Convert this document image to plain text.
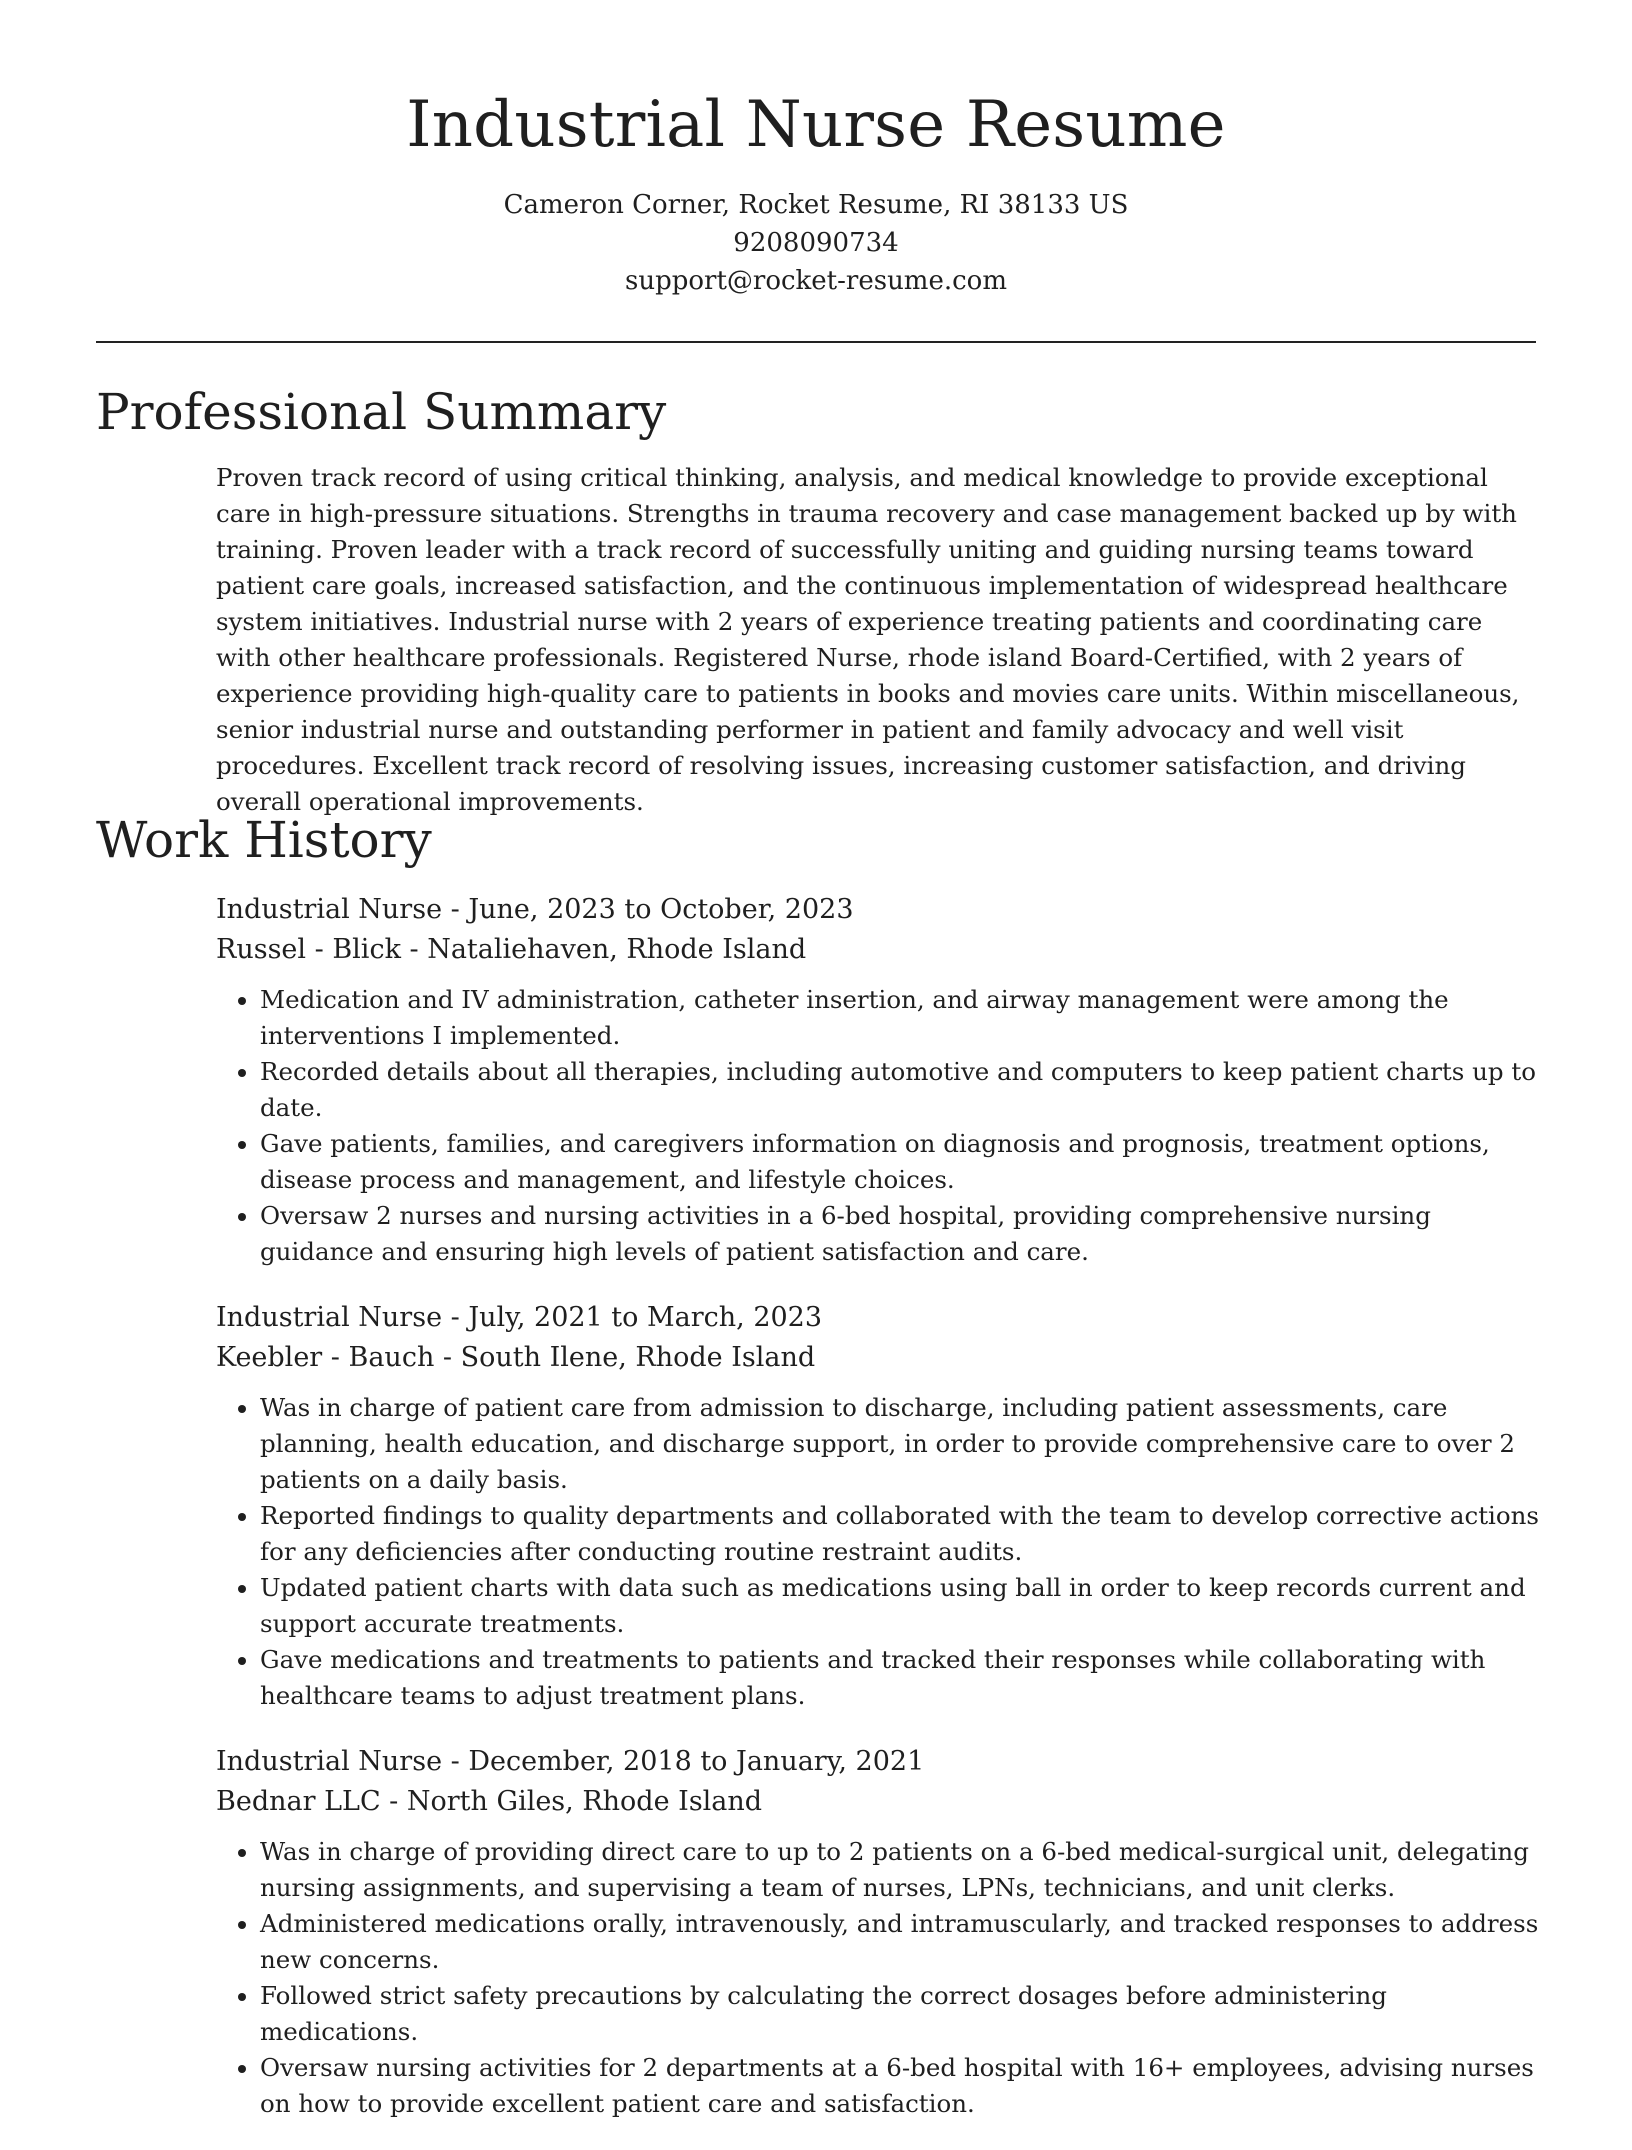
Industrial Nurse Resume
Cameron Corner, Rocket Resume, RI 38133 US
9208090734
support@rocket-resume.com
Professional Summary

Proven track record of using critical thinking, analysis, and medical knowledge to provide exceptional care in high-pressure situations. Strengths in trauma recovery and case management backed up by with training. Proven leader with a track record of successfully uniting and guiding nursing teams toward patient care goals, increased satisfaction, and the continuous implementation of widespread healthcare system initiatives. Industrial nurse with 2 years of experience treating patients and coordinating care with other healthcare professionals. Registered Nurse, rhode island Board-Certified, with 2 years of experience providing high-quality care to patients in books and movies care units. Within miscellaneous, senior industrial nurse and outstanding performer in patient and family advocacy and well visit procedures. Excellent track record of resolving issues, increasing customer satisfaction, and driving overall operational improvements.

Work History
Industrial Nurse - June, 2023 to October, 2023
Russel - Blick - Nataliehaven, Rhode Island
• Medication and IV administration, catheter insertion, and airway management were among the interventions I implemented.
• Recorded details about all therapies, including automotive and computers to keep patient charts up to date.
• Gave patients, families, and caregivers information on diagnosis and prognosis, treatment options, disease process and management, and lifestyle choices.
• Oversaw 2 nurses and nursing activities in a 6-bed hospital, providing comprehensive nursing guidance and ensuring high levels of patient satisfaction and care.
Industrial Nurse - July, 2021 to March, 2023
Keebler - Bauch - South Ilene, Rhode Island
• Was in charge of patient care from admission to discharge, including patient assessments, care planning, health education, and discharge support, in order to provide comprehensive care to over 2 patients on a daily basis.
• Reported findings to quality departments and collaborated with the team to develop corrective actions for any deficiencies after conducting routine restraint audits.
• Updated patient charts with data such as medications using ball in order to keep records current and support accurate treatments.
• Gave medications and treatments to patients and tracked their responses while collaborating with healthcare teams to adjust treatment plans.
Industrial Nurse - December, 2018 to January, 2021
Bednar LLC - North Giles, Rhode Island
• Was in charge of providing direct care to up to 2 patients on a 6-bed medical-surgical unit, delegating nursing assignments, and supervising a team of nurses, LPNs, technicians, and unit clerks.
• Administered medications orally, intravenously, and intramuscularly, and tracked responses to address new concerns.
• Followed strict safety precautions by calculating the correct dosages before administering medications.
• Oversaw nursing activities for 2 departments at a 6-bed hospital with 16+ employees, advising nurses on how to provide excellent patient care and satisfaction.
